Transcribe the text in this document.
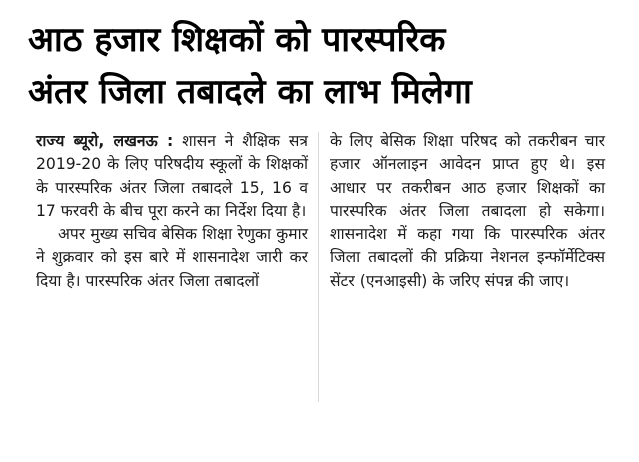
आठ हजार शिक्षकों को पारस्परिक
अंतर जिला तबादले का लाभ मिलेगा

राज्य ब्यूरो, लखनऊ : शासन ने शैक्षिक सत्र 2019-20 के लिए परिषदीय स्कूलों के शिक्षकों के पारस्परिक अंतर जिला तबादले 15, 16 व 17 फरवरी के बीच पूरा करने का निर्देश दिया है।

अपर मुख्य सचिव बेसिक शिक्षा रेणुका कुमार ने शुक्रवार को इस बारे में शासनादेश जारी कर दिया है। पारस्परिक अंतर जिला तबादलों

के लिए बेसिक शिक्षा परिषद को तकरीबन चार हजार ऑनलाइन आवेदन प्राप्त हुए थे। इस आधार पर तकरीबन आठ हजार शिक्षकों का पारस्परिक अंतर जिला तबादला हो सकेगा। शासनादेश में कहा गया कि पारस्परिक अंतर जिला तबादलों की प्रक्रिया नेशनल इन्फॉर्मेटिक्स सेंटर (एनआइसी) के जरिए संपन्न की जाए।
